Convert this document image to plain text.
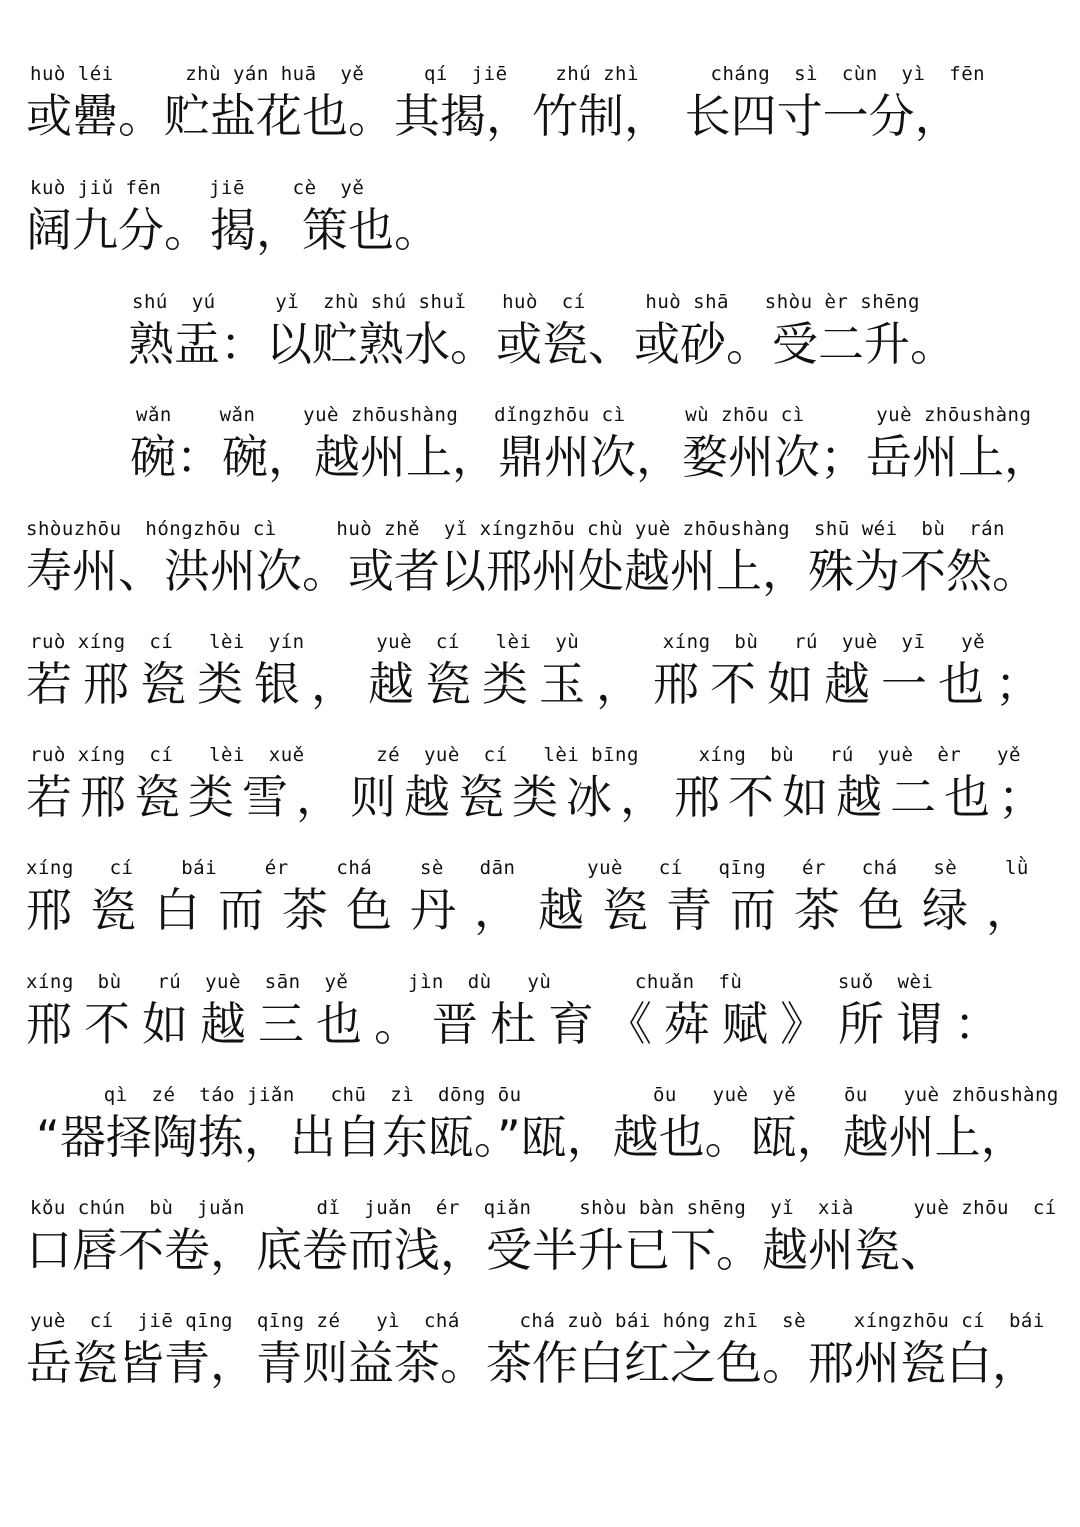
huò léi      zhù yán huā  yě     qí  jiē    zhú zhì      cháng  sì  cùn  yì  fēn
或罍。贮盐花也。其揭，竹制， 长四寸一分，
kuò jiǔ fēn    jiē    cè  yě
阔九分。揭，策也。
shú  yú     yǐ  zhù shú shuǐ   huò  cí     huò shā   shòu èr shēng
熟盂：以贮熟水。或瓷、或砂。受二升。
wǎn    wǎn    yuè zhōushàng   dǐngzhōu cì     wù zhōu cì      yuè zhōushàng
碗：碗，越州上，鼎州次，婺州次；岳州上，
shòuzhōu  hóngzhōu cì     huò zhě  yǐ xíngzhōu chù yuè zhōushàng  shū wéi  bù  rán
寿州、洪州次。或者以邢州处越州上，殊为不然。
ruò xíng  cí   lèi  yín      yuè  cí   lèi  yù       xíng  bù   rú  yuè  yī   yě
若邢瓷类银，越瓷类玉，邢不如越一也；
ruò xíng  cí   lèi  xuě      zé  yuè  cí   lèi bīng     xíng  bù   rú  yuè  èr   yě
若邢瓷类雪，则越瓷类冰，邢不如越二也；
xíng   cí    bái    ér    chá    sè   dān      yuè   cí   qīng   ér   chá   sè    lǜ
邢瓷白而茶色丹，越瓷青而茶色绿，
xíng  bù   rú  yuè  sān  yě     jìn  dù   yù       chuǎn  fù        suǒ  wèi
邢不如越三也。晋杜育《荈赋》所谓：
qì  zé  táo jiǎn   chū  zì  dōng ōu           ōu   yuè  yě    ōu   yuè zhōushàng
“器择陶拣，出自东瓯。”瓯，越也。瓯，越州上，
kǒu chún  bù  juǎn      dǐ  juǎn  ér  qiǎn    shòu bàn shēng  yǐ  xià     yuè zhōu  cí
口唇不卷，底卷而浅，受半升已下。越州瓷、
yuè  cí  jiē qīng  qīng zé   yì  chá     chá zuò bái hóng zhī  sè    xíngzhōu cí  bái
岳瓷皆青，青则益茶。茶作白红之色。邢州瓷白，
